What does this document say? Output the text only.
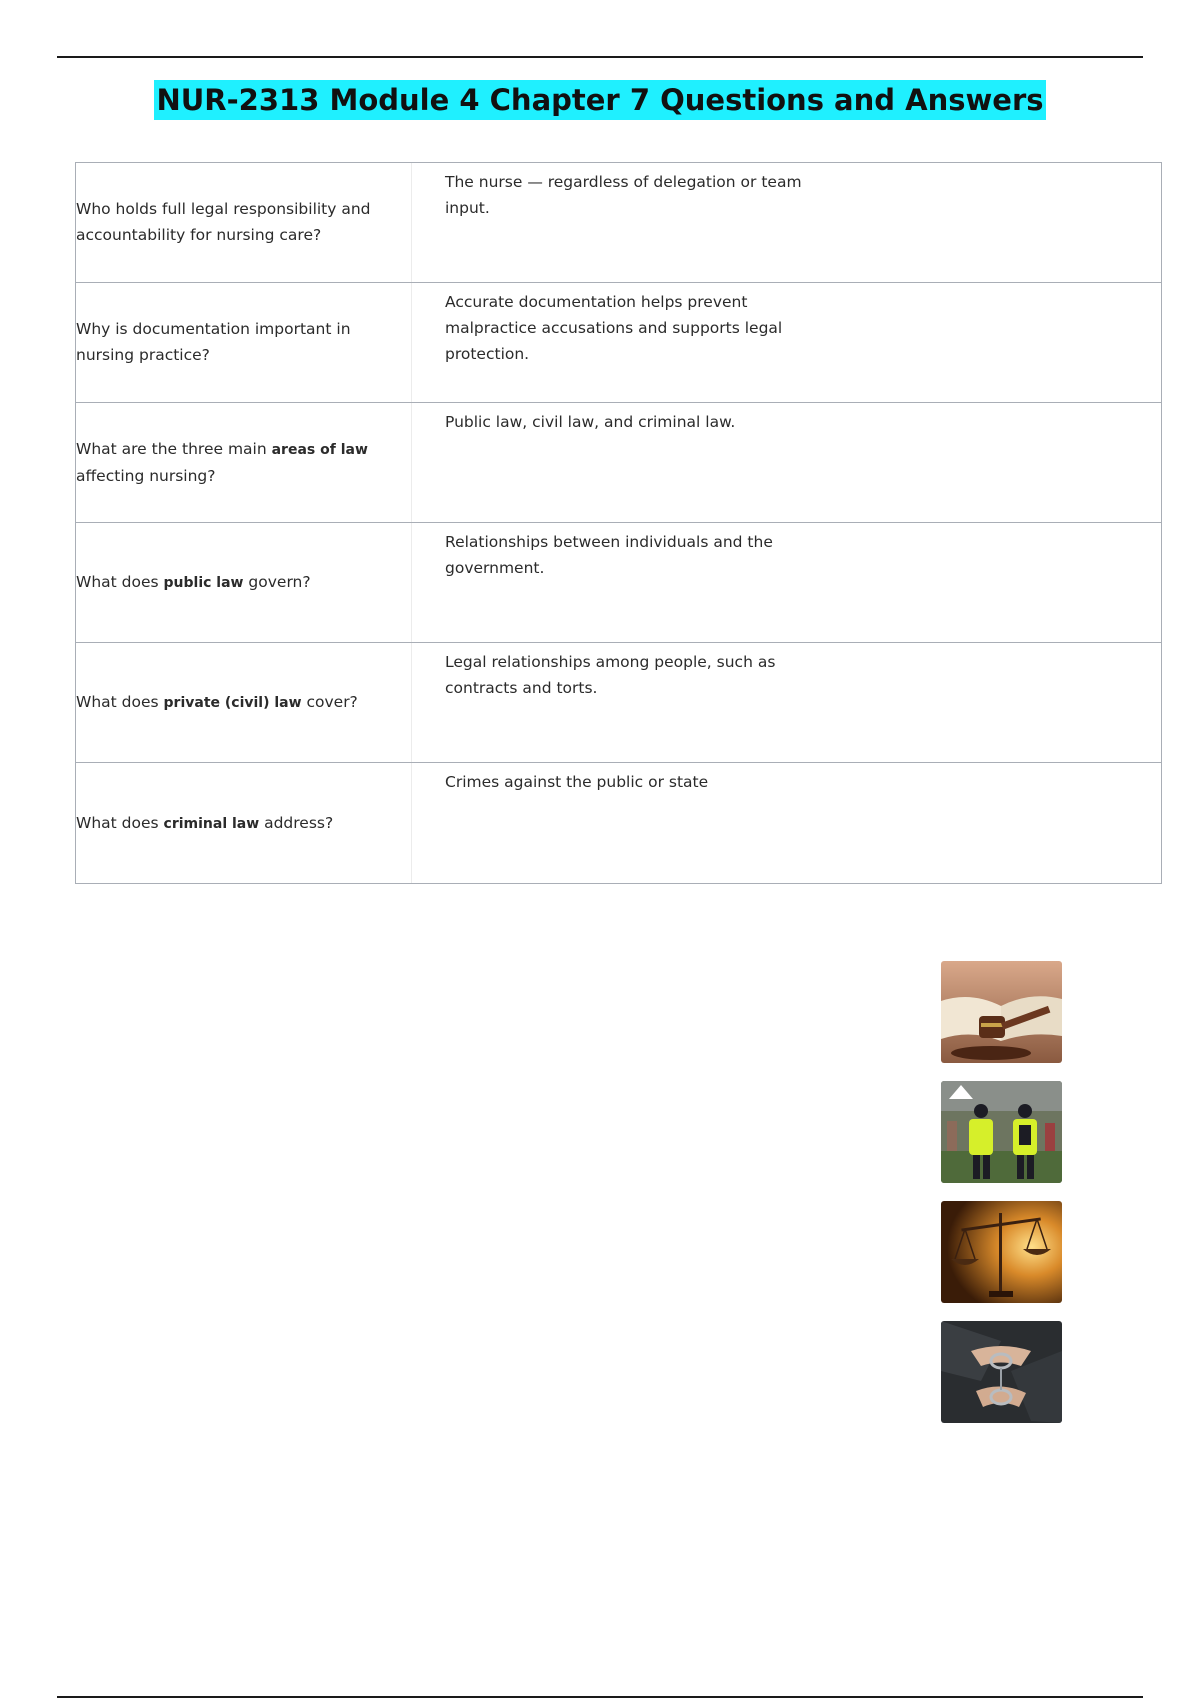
NUR-2313 Module 4 Chapter 7 Questions and Answers
Who holds full legal responsibility and accountability for nursing care?
The nurse — regardless of delegation or team input.
Why is documentation important in nursing practice?
Accurate documentation helps prevent malpractice accusations and supports legal protection.
What are the three main areas of law affecting nursing?
Public law, civil law, and criminal law.
What does public law govern?
Relationships between individuals and the government.
What does private (civil) law cover?
Legal relationships among people, such as contracts and torts.
What does criminal law address?
Crimes against the public or state
